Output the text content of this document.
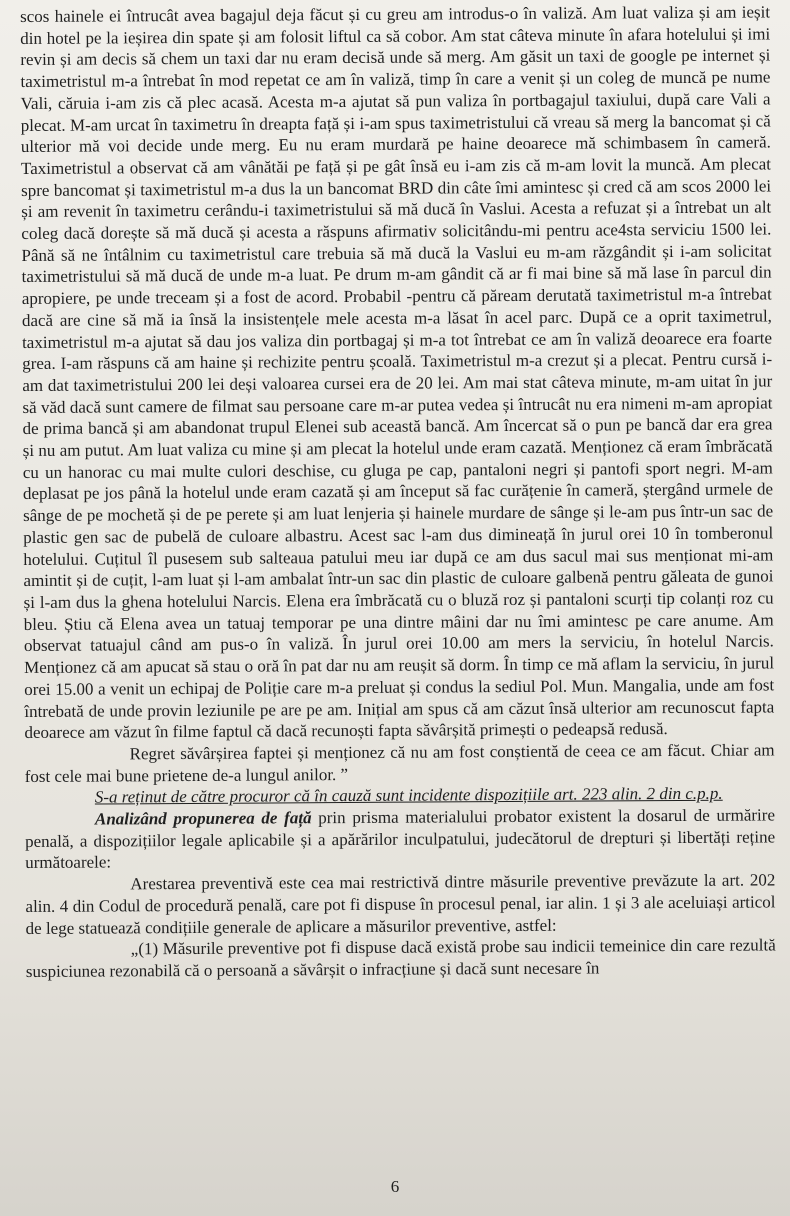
scos hainele ei întrucât avea bagajul deja făcut și cu greu am introdus-o în valiză. Am luat valiza și am ieșit din hotel pe la ieșirea din spate și am folosit liftul ca să cobor. Am stat câteva minute în afara hotelului și imi revin și am decis să chem un taxi dar nu eram decisă unde să merg. Am găsit un taxi de google pe internet și taximetristul m-a întrebat în mod repetat ce am în valiză, timp în care a venit și un coleg de muncă pe nume Vali, căruia i-am zis că plec acasă. Acesta m-a ajutat să pun valiza în portbagajul taxiului, după care Vali a plecat. M-am urcat în taximetru în dreapta față și i-am spus taximetristului că vreau să merg la bancomat și că ulterior mă voi decide unde merg. Eu nu eram murdară pe haine deoarece mă schimbasem în cameră. Taximetristul a observat că am vânătăi pe față și pe gât însă eu i-am zis că m-am lovit la muncă. Am plecat spre bancomat și taximetristul m-a dus la un bancomat BRD din câte îmi amintesc și cred că am scos 2000 lei și am revenit în taximetru cerându-i taximetristului să mă ducă în Vaslui. Acesta a refuzat și a întrebat un alt coleg dacă dorește să mă ducă și acesta a răspuns afirmativ solicitându-mi pentru ace4sta serviciu 1500 lei. Până să ne întâlnim cu taximetristul care trebuia să mă ducă la Vaslui eu m-am răzgândit și i-am solicitat taximetristului să mă ducă de unde m-a luat. Pe drum m-am gândit că ar fi mai bine să mă lase în parcul din apropiere, pe unde treceam și a fost de acord. Probabil -pentru că păream derutată taximetristul m-a întrebat dacă are cine să mă ia însă la insistențele mele acesta m-a lăsat în acel parc. După ce a oprit taximetrul, taximetristul m-a ajutat să dau jos valiza din portbagaj și m-a tot întrebat ce am în valiză deoarece era foarte grea. I-am răspuns că am haine și rechizite pentru școală. Taximetristul m-a crezut și a plecat. Pentru cursă i-am dat taximetristului 200 lei deși valoarea cursei era de 20 lei. Am mai stat câteva minute, m-am uitat în jur să văd dacă sunt camere de filmat sau persoane care m-ar putea vedea și întrucât nu era nimeni m-am apropiat de prima bancă și am abandonat trupul Elenei sub această bancă. Am încercat să o pun pe bancă dar era grea și nu am putut. Am luat valiza cu mine și am plecat la hotelul unde eram cazată. Menționez că eram îmbrăcată cu un hanorac cu mai multe culori deschise, cu gluga pe cap, pantaloni negri și pantofi sport negri. M-am deplasat pe jos până la hotelul unde eram cazată și am început să fac curățenie în cameră, ștergând urmele de sânge de pe mochetă și de pe perete și am luat lenjeria și hainele murdare de sânge și le-am pus într-un sac de plastic gen sac de pubelă de culoare albastru. Acest sac l-am dus dimineață în jurul orei 10 în tomberonul hotelului. Cuțitul îl pusesem sub salteaua patului meu iar după ce am dus sacul mai sus menționat mi-am amintit și de cuțit, l-am luat și l-am ambalat într-un sac din plastic de culoare galbenă pentru găleata de gunoi și l-am dus la ghena hotelului Narcis. Elena era îmbrăcată cu o bluză roz și pantaloni scurți tip colanți roz cu bleu. Știu că Elena avea un tatuaj temporar pe una dintre mâini dar nu îmi amintesc pe care anume. Am observat tatuajul când am pus-o în valiză. În jurul orei 10.00 am mers la serviciu, în hotelul Narcis. Menționez că am apucat să stau o oră în pat dar nu am reușit să dorm. În timp ce mă aflam la serviciu, în jurul orei 15.00 a venit un echipaj de Poliție care m-a preluat și condus la sediul Pol. Mun. Mangalia, unde am fost întrebată de unde provin leziunile pe are pe am. Inițial am spus că am căzut însă ulterior am recunoscut fapta deoarece am văzut în filme faptul că dacă recunoști fapta săvârșită primești o pedeapsă redusă.

Regret săvârșirea faptei și menționez că nu am fost conștientă de ceea ce am făcut. Chiar am fost cele mai bune prietene de-a lungul anilor. ”

S-a reținut de către procuror că în cauză sunt incidente dispozițiile art. 223 alin. 2 din c.p.p.

Analizând propunerea de față prin prisma materialului probator existent la dosarul de urmărire penală, a dispozițiilor legale aplicabile și a apărărilor inculpatului, judecătorul de drepturi și libertăți reține următoarele:

Arestarea preventivă este cea mai restrictivă dintre măsurile preventive prevăzute la art. 202 alin. 4 din Codul de procedură penală, care pot fi dispuse în procesul penal, iar alin. 1 și 3 ale aceluiași articol de lege statuează condițiile generale de aplicare a măsurilor preventive, astfel:

„(1) Măsurile preventive pot fi dispuse dacă există probe sau indicii temeinice din care rezultă suspiciunea rezonabilă că o persoană a săvârșit o infracțiune și dacă sunt necesare în

6
